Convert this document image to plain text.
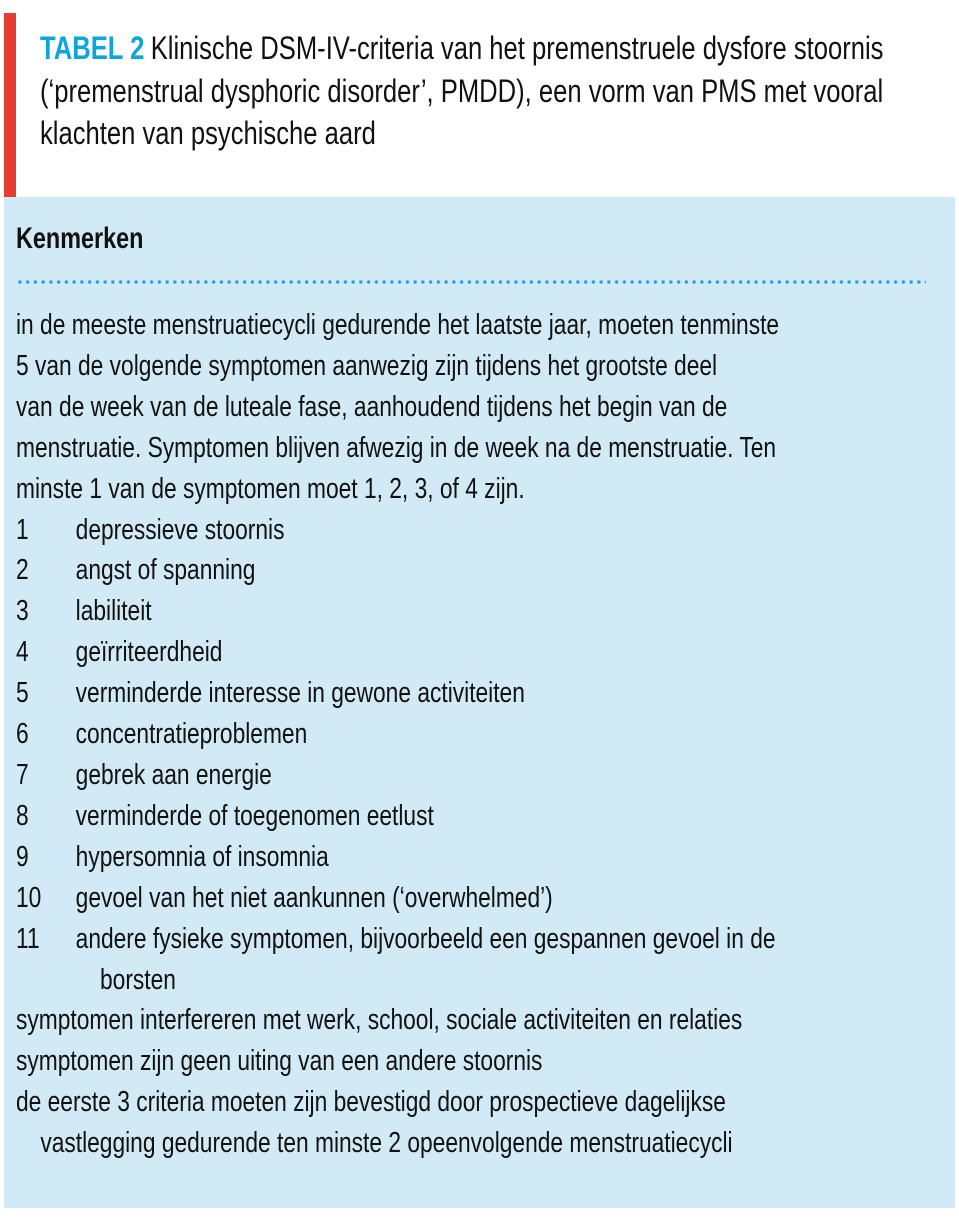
TABEL 2 Klinische DSM-IV-criteria van het premenstruele dysfore stoornis (‘premenstrual dysphoric disorder’, PMDD), een vorm van PMS met vooral klachten van psychische aard
Kenmerken

in de meeste menstruatiecycli gedurende het laatste jaar, moeten tenminste
5 van de volgende symptomen aanwezig zijn tijdens het grootste deel
van de week van de luteale fase, aanhoudend tijdens het begin van de
menstruatie. Symptomen blijven afwezig in de week na de menstruatie. Ten
minste 1 van de symptomen moet 1, 2, 3, of 4 zijn.

1	depressieve stoornis
2	angst of spanning
3	labiliteit
4	geïrriteerdheid
5	verminderde interesse in gewone activiteiten
6	concentratieproblemen
7	gebrek aan energie
8	verminderde of toegenomen eetlust
9	hypersomnia of insomnia
10	gevoel van het niet aankunnen (‘overwhelmed’)
11	andere fysieke symptomen, bijvoorbeeld een gespannen gevoel in de
borsten

symptomen interfereren met werk, school, sociale activiteiten en relaties

symptomen zijn geen uiting van een andere stoornis

de eerste 3 criteria moeten zijn bevestigd door prospectieve dagelijkse
vastlegging gedurende ten minste 2 opeenvolgende menstruatiecycli
